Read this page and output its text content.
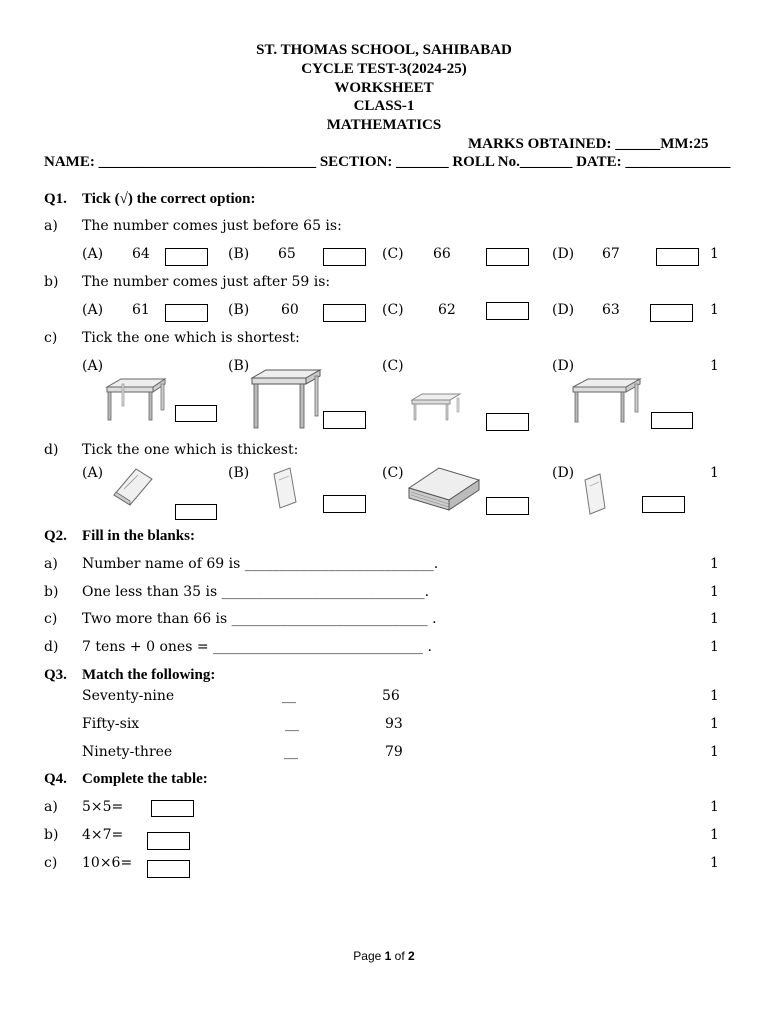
ST. THOMAS SCHOOL, SAHIBABAD
CYCLE TEST-3(2024-25)
WORKSHEET
CLASS-1
MATHEMATICS
MARKS OBTAINED: ______MM:25
NAME: _____________________________ SECTION: _______ ROLL No._______ DATE: ______________
Q1. Tick (√) the correct option:
a) The number comes just before 65 is:
(A) 64	(B) 65	(C) 66	(D) 67	1
b) The number comes just after 59 is:
(A) 61	(B) 60	(C) 62	(D) 63	1
c) Tick the one which is shortest:
(A)	(B)	(C)	(D)	1
d) Tick the one which is thickest:
(A)	(B)	(C)	(D)	1
Q2. Fill in the blanks:
a) Number name of 69 is ___________________________.	1
b) One less than 35 is _____________________________.	1
c) Two more than 66 is ____________________________ .	1
d) 7 tens + 0 ones = ______________________________ .	1
Q3. Match the following:
Seventy-nine	__	56	1
Fifty-six	__	93	1
Ninety-three	__	79	1
Q4. Complete the table:
a) 5×5=	1
b) 4×7=	1
c) 10×6=	1
Page 1 of 2
